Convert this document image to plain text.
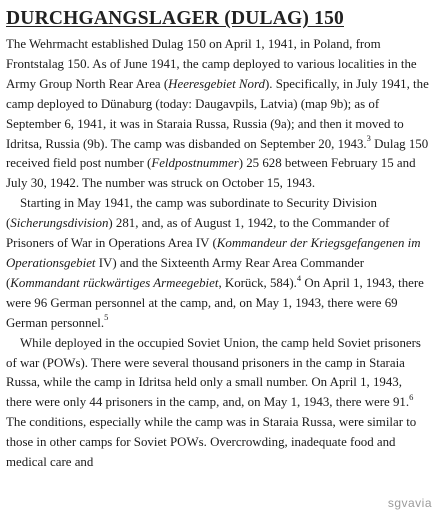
DURCHGANGSLAGER (DULAG) 150

The Wehrmacht established Dulag 150 on April 1, 1941, in Poland, from Frontstalag 150. As of June 1941, the camp deployed to various localities in the Army Group North Rear Area (Heeresgebiet Nord). Specifically, in July 1941, the camp deployed to Dünaburg (today: Daugavpils, Latvia) (map 9b); as of September 6, 1941, it was in Staraia Russa, Russia (9a); and then it moved to Idritsa, Russia (9b). The camp was disbanded on September 20, 1943.$^3$ Dulag 150 received field post number (Feldpostnummer) 25 628 between February 15 and July 30, 1942. The number was struck on October 15, 1943.

Starting in May 1941, the camp was subordinate to Security Division (Sicherungsdivision) 281, and, as of August 1, 1942, to the Commander of Prisoners of War in Operations Area IV (Kommandeur der Kriegsgefangenen im Operationsgebiet IV) and the Sixteenth Army Rear Area Commander (Kommandant rückwärtiges Armeegebiet, Korück, 584).$^4$ On April 1, 1943, there were 96 German personnel at the camp, and, on May 1, 1943, there were 69 German personnel.$^5$

While deployed in the occupied Soviet Union, the camp held Soviet prisoners of war (POWs). There were several thousand prisoners in the camp in Staraia Russa, while the camp in Idritsa held only a small number. On April 1, 1943, there were only 44 prisoners in the camp, and, on May 1, 1943, there were 91.$^6$ The conditions, especially while the camp was in Staraia Russa, were similar to those in other camps for Soviet POWs. Overcrowding, inadequate food and medical care and

sgvavia
